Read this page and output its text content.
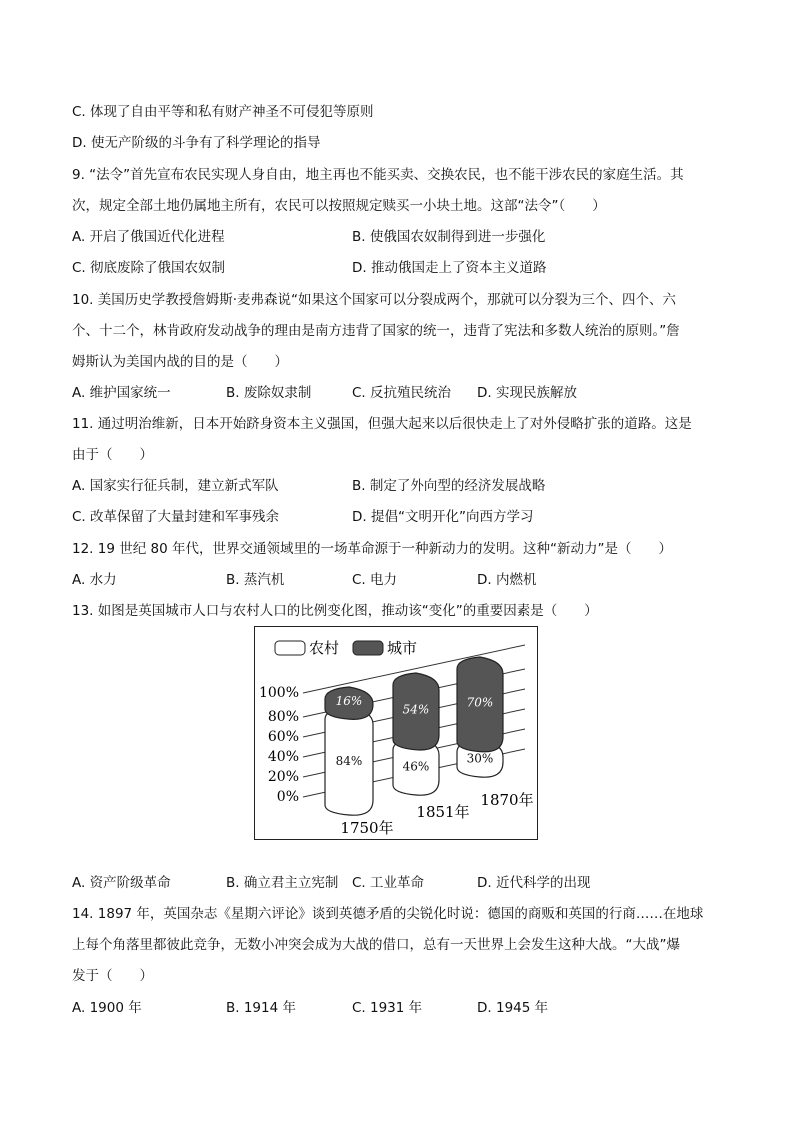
C. 体现了自由平等和私有财产神圣不可侵犯等原则
D. 使无产阶级的斗争有了科学理论的指导
9. “法令”首先宣布农民实现人身自由，地主再也不能买卖、交换农民，也不能干涉农民的家庭生活。其
次，规定全部土地仍属地主所有，农民可以按照规定赎买一小块土地。这部“法令”（　　）
A. 开启了俄国近代化进程	B. 使俄国农奴制得到进一步强化
C. 彻底废除了俄国农奴制	D. 推动俄国走上了资本主义道路
10. 美国历史学教授詹姆斯·麦弗森说“如果这个国家可以分裂成两个，那就可以分裂为三个、四个、六
个、十二个，林肯政府发动战争的理由是南方违背了国家的统一，违背了宪法和多数人统治的原则。”詹
姆斯认为美国内战的目的是（　　）
A. 维护国家统一	B. 废除奴隶制	C. 反抗殖民统治 D. 实现民族解放
11. 通过明治维新，日本开始跻身资本主义强国，但强大起来以后很快走上了对外侵略扩张的道路。这是
由于（　　）
A. 国家实行征兵制，建立新式军队	B. 制定了外向型的经济发展战略
C. 改革保留了大量封建和军事残余	D. 提倡“文明开化”向西方学习
12. 19 世纪 80 年代，世界交通领域里的一场革命源于一种新动力的发明。这种“新动力”是（　　）
A. 水力	B. 蒸汽机	C. 电力	D. 内燃机
13. 如图是英国城市人口与农村人口的比例变化图，推动该“变化”的重要因素是（　　）
农村	城市
100%
80%
60%
40%
20%
0%
16%
84%
54%
46%
70%
30%
1750年
1851年
1870年
A. 资产阶级革命	B. 确立君主立宪制 C. 工业革命	D. 近代科学的出现
14. 1897 年，英国杂志《星期六评论》谈到英德矛盾的尖锐化时说：德国的商贩和英国的行商……在地球
上每个角落里都彼此竞争，无数小冲突会成为大战的借口，总有一天世界上会发生这种大战。“大战”爆
发于（　　）
A. 1900 年	B. 1914 年	C. 1931 年	D. 1945 年
